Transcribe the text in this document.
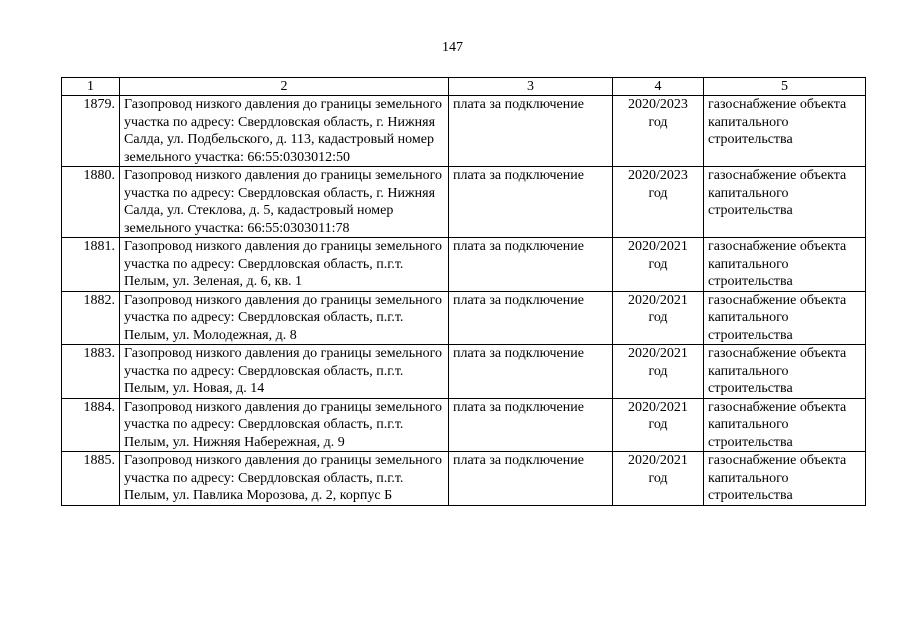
147
1	2	3	4	5
1879.	Газопровод низкого давления до границы земельного участка по адресу: Свердловская область, г. Нижняя Салда, ул. Подбельского, д. 113, кадастровый номер земельного участка: 66:55:0303012:50	плата за подключение	2020/2023 год	газоснабжение объекта капитального строительства
1880.	Газопровод низкого давления до границы земельного участка по адресу: Свердловская область, г. Нижняя Салда, ул. Стеклова, д. 5, кадастровый номер земельного участка: 66:55:0303011:78	плата за подключение	2020/2023 год	газоснабжение объекта капитального строительства
1881.	Газопровод низкого давления до границы земельного участка по адресу: Свердловская область, п.г.т. Пелым, ул. Зеленая, д. 6, кв. 1	плата за подключение	2020/2021 год	газоснабжение объекта капитального строительства
1882.	Газопровод низкого давления до границы земельного участка по адресу: Свердловская область, п.г.т. Пелым, ул. Молодежная, д. 8	плата за подключение	2020/2021 год	газоснабжение объекта капитального строительства
1883.	Газопровод низкого давления до границы земельного участка по адресу: Свердловская область, п.г.т. Пелым, ул. Новая, д. 14	плата за подключение	2020/2021 год	газоснабжение объекта капитального строительства
1884.	Газопровод низкого давления до границы земельного участка по адресу: Свердловская область, п.г.т. Пелым, ул. Нижняя Набережная, д. 9	плата за подключение	2020/2021 год	газоснабжение объекта капитального строительства
1885.	Газопровод низкого давления до границы земельного участка по адресу: Свердловская область, п.г.т. Пелым, ул. Павлика Морозова, д. 2, корпус Б	плата за подключение	2020/2021 год	газоснабжение объекта капитального строительства
